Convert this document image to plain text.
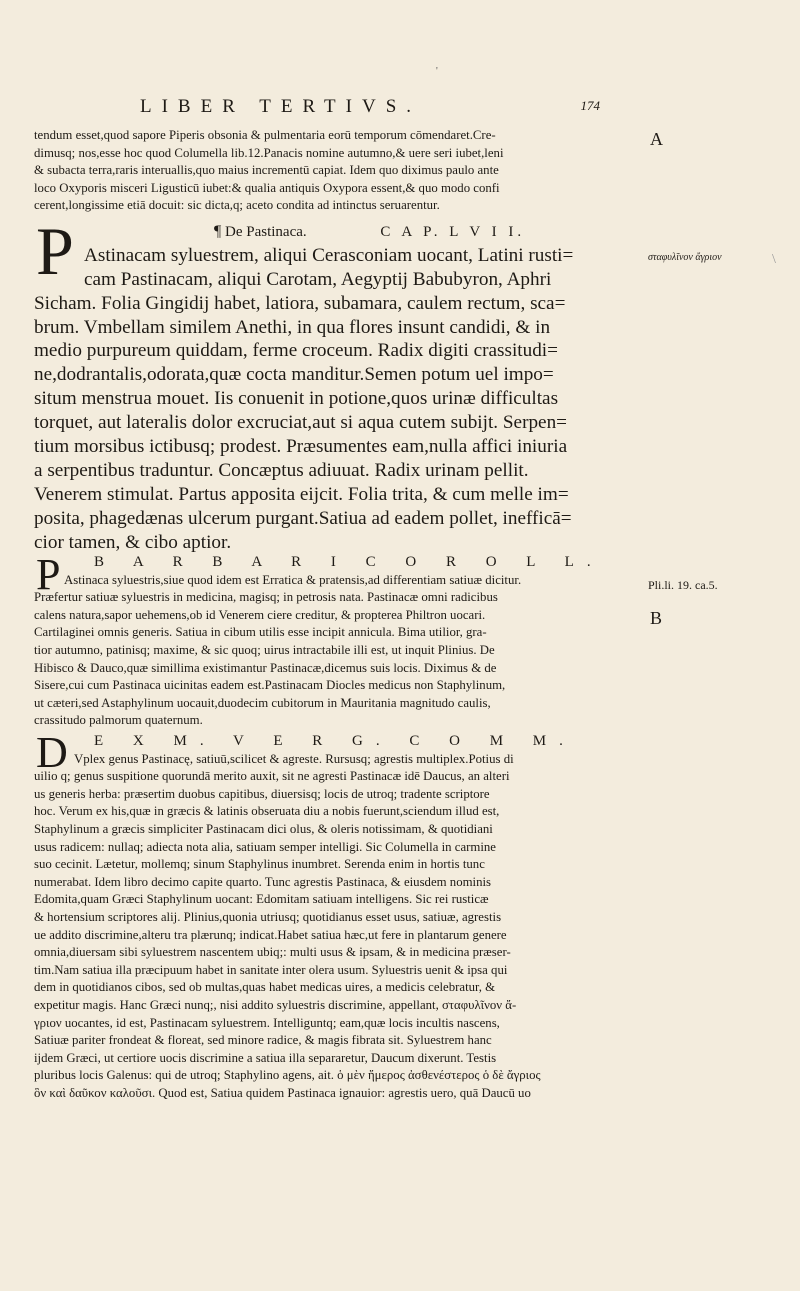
'
\
LIBER TERTIVS.	174
tendum esset,quod sapore Piperis obsonia & pulmentaria eorū temporum cōmendaret.Cre-
dimusq; nos,esse hoc quod Columella lib.12.Panacis nomine autumno,& uere seri iubet,leni
& subacta terra,raris interuallis,quo maius incrementū capiat. Idem quo diximus paulo ante
loco Oxyporis misceri Ligusticū iubet:& qualia antiquis Oxypora essent,& quo modo confi
cerent,longissime etiā docuit: sic dicta,q; aceto condita ad intinctus seruarentur.
A
P	¶ De Pastinaca.	C A P. L V I I.
Astinacam syluestrem, aliqui Cerasconiam uocant, Latini rusti=
cam Pastinacam, aliqui Carotam, Aegyptij Babubyron, Aphri
Sicham. Folia Gingidij habet, latiora, subamara, caulem rectum, sca=
brum. Vmbellam similem Anethi, in qua flores insunt candidi, & in
medio purpureum quiddam, ferme croceum. Radix digiti crassitudi=
ne,dodrantalis,odorata,quæ cocta manditur.Semen potum uel impo=
situm menstrua mouet. Iis conuenit in potione,quos urinæ difficultas
torquet, aut lateralis dolor excruciat,aut si aqua cutem subijt. Serpen=
tium morsibus ictibusq; prodest. Præsumentes eam,nulla affici iniuria
a serpentibus traduntur. Concæptus adiuuat. Radix urinam pellit.
Venerem stimulat. Partus apposita eijcit. Folia trita, & cum melle im=
posita, phagedænas ulcerum purgant.Satiua ad eadem pollet, inefficā=
cior tamen, & cibo aptior.
σταφυλῖνον ἄγριον
P	B A R B A R I C O R O L L.
Astinaca syluestris,siue quod idem est Erratica & pratensis,ad differentiam satiuæ dicitur.
Præfertur satiuæ syluestris in medicina, magisq; in petrosis nata. Pastinacæ omni radicibus
calens natura,sapor uehemens,ob id Venerem ciere creditur, & propterea Philtron uocari.
Cartilaginei omnis generis. Satiua in cibum utilis esse incipit annicula. Bima utilior, gra-
tior autumno, patinisq; maxime, & sic quoq; uirus intractabile illi est, ut inquit Plinius. De
Hibisco & Dauco,quæ simillima existimantur Pastinacæ,dicemus suis locis. Diximus & de
Sisere,cui cum Pastinaca uicinitas eadem est.Pastinacam Diocles medicus non Staphylinum,
ut cæteri,sed Astaphylinum uocauit,duodecim cubitorum in Mauritania magnitudo caulis,
crassitudo palmorum quaternum.
Pli.li. 19. ca.5.
B
D	E X M. V E R G. C O M M.
Vplex genus Pastinacę, satiuū,scilicet & agreste. Rursusq; agrestis multiplex.Potius di
uilio q; genus suspitione quorundā merito auxit, sit ne agresti Pastinacæ idē Daucus, an alteri
us generis herba: præsertim duobus capitibus, diuersisq; locis de utroq; tradente scriptore
hoc. Verum ex his,quæ in græcis & latinis obseruata diu a nobis fuerunt,sciendum illud est,
Staphylinum a græcis simpliciter Pastinacam dici olus, & oleris notissimam, & quotidiani
usus radicem: nullaq; adiecta nota alia, satiuam semper intelligi. Sic Columella in carmine
suo cecinit. Lætetur, mollemq; sinum Staphylinus inumbret. Serenda enim in hortis tunc
numerabat. Idem libro decimo capite quarto. Tunc agrestis Pastinaca, & eiusdem nominis
Edomita,quam Græci Staphylinum uocant: Edomitam satiuam intelligens. Sic rei rusticæ
& hortensium scriptores alij. Plinius,quonia utriusq; quotidianus esset usus, satiuæ, agrestis
ue addito discrimine,alteru tra plærunq; indicat.Habet satiua hæc,ut fere in plantarum genere
omnia,diuersam sibi syluestrem nascentem ubiq;: multi usus & ipsam, & in medicina præser-
tim.Nam satiua illa præcipuum habet in sanitate inter olera usum. Syluestris uenit & ipsa qui
dem in quotidianos cibos, sed ob multas,quas habet medicas uires, a medicis celebratur, &
expetitur magis. Hanc Græci nunq;, nisi addito syluestris discrimine, appellant, σταφυλῖνον ἄ-
γριον uocantes, id est, Pastinacam syluestrem. Intelliguntq; eam,quæ locis incultis nascens,
Satiuæ pariter frondeat & floreat, sed minore radice, & magis fibrata sit. Syluestrem hanc
ijdem Græci, ut certiore uocis discrimine a satiua illa separaretur, Daucum dixerunt. Testis
pluribus locis Galenus: qui de utroq; Staphylino agens, ait. ὁ μὲν ἥμερος ἀσθενέστερος ὁ δὲ ἄγριος
ὃν καὶ δαῦκον καλοῦσι. Quod est, Satiua quidem Pastinaca ignauior: agrestis uero, quā Daucū uo
